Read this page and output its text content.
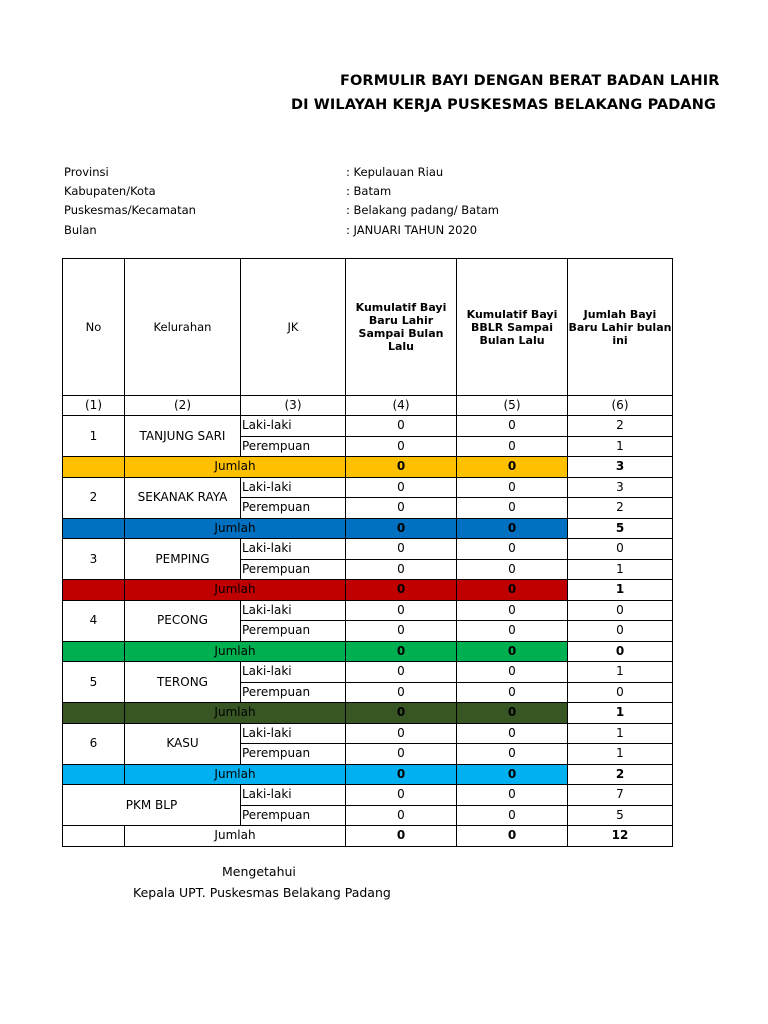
FORMULIR BAYI DENGAN BERAT BADAN LAHIR
DI WILAYAH KERJA PUSKESMAS BELAKANG PADANG
Provinsi	: Kepulauan Riau
Kabupaten/Kota	: Batam
Puskesmas/Kecamatan	: Belakang padang/ Batam
Bulan	: JANUARI TAHUN 2020
No	Kelurahan	JK	Kumulatif Bayi Baru Lahir Sampai Bulan Lalu	Kumulatif Bayi BBLR Sampai Bulan Lalu	Jumlah Bayi Baru Lahir bulan ini
(1)	(2)	(3)	(4)	(5)	(6)
1	TANJUNG SARI	Laki-laki	0	0	2
		Perempuan	0	0	1
	Jumlah		0	0	3
2	SEKANAK RAYA	Laki-laki	0	0	3
		Perempuan	0	0	2
	Jumlah		0	0	5
3	PEMPING	Laki-laki	0	0	0
		Perempuan	0	0	1
	Jumlah		0	0	1
4	PECONG	Laki-laki	0	0	0
		Perempuan	0	0	0
	Jumlah		0	0	0
5	TERONG	Laki-laki	0	0	1
		Perempuan	0	0	0
	Jumlah		0	0	1
6	KASU	Laki-laki	0	0	1
		Perempuan	0	0	1
	Jumlah		0	0	2
PKM BLP		Laki-laki	0	0	7
		Perempuan	0	0	5
	Jumlah		0	0	12
Mengetahui
Kepala UPT. Puskesmas Belakang Padang
